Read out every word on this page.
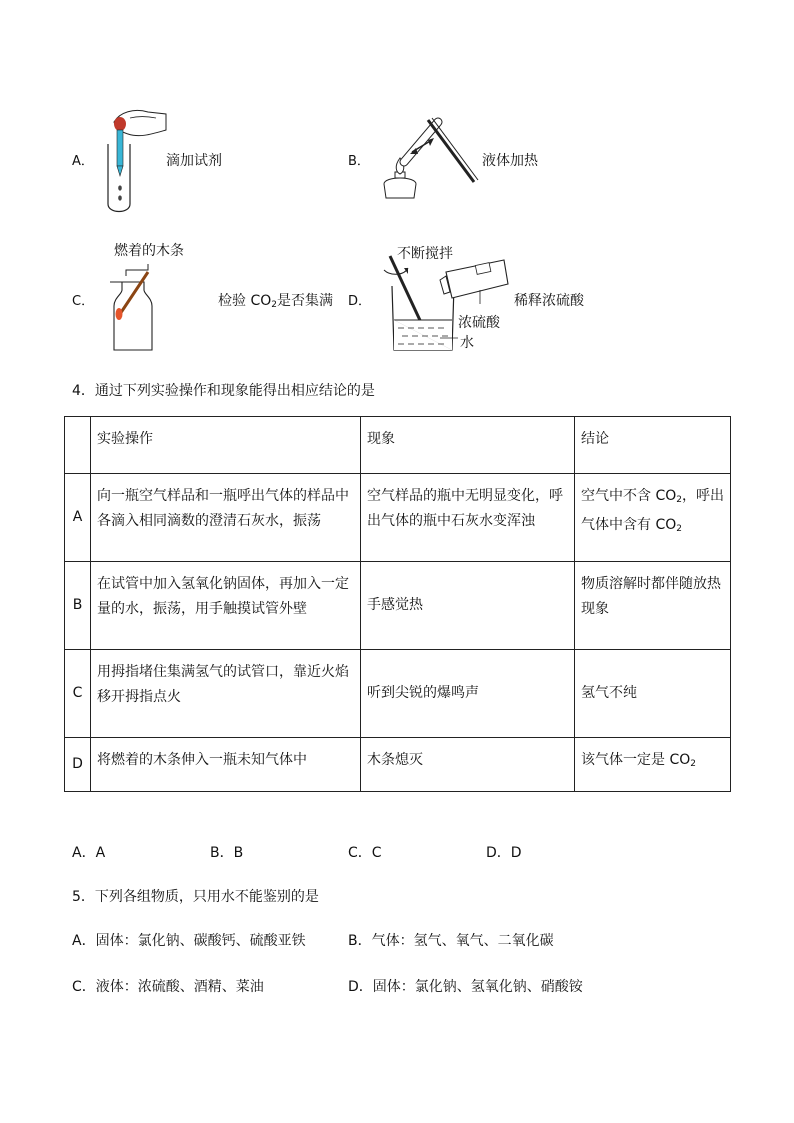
A．	滴加试剂	B．	液体加热
燃着的木条
C．	检验 $CO_2$是否集满 D．
不断搅拌
稀释浓硫酸
浓硫酸
水
4．通过下列实验操作和现象能得出相应结论的是
	实验操作	现象	结论
A	向一瓶空气样品和一瓶呼出气体的样品中各滴入相同滴数的澄清石灰水，振荡	空气样品的瓶中无明显变化，呼出气体的瓶中石灰水变浑浊	空气中不含 $CO_2$，呼出气体中含有 $CO_2$
B	在试管中加入氢氧化钠固体，再加入一定量的水，振荡，用手触摸试管外壁	手感觉热	物质溶解时都伴随放热现象
C	用拇指堵住集满氢气的试管口，靠近火焰移开拇指点火	听到尖锐的爆鸣声	氢气不纯
D	将燃着的木条伸入一瓶未知气体中	木条熄灭	该气体一定是 $CO_2$
A．A	B．B	C．C	D．D
5．下列各组物质，只用水不能鉴别的是
A．固体：氯化钠、碳酸钙、硫酸亚铁	B．气体：氢气、氧气、二氧化碳
C．液体：浓硫酸、酒精、菜油	D．固体：氯化钠、氢氧化钠、硝酸铵
